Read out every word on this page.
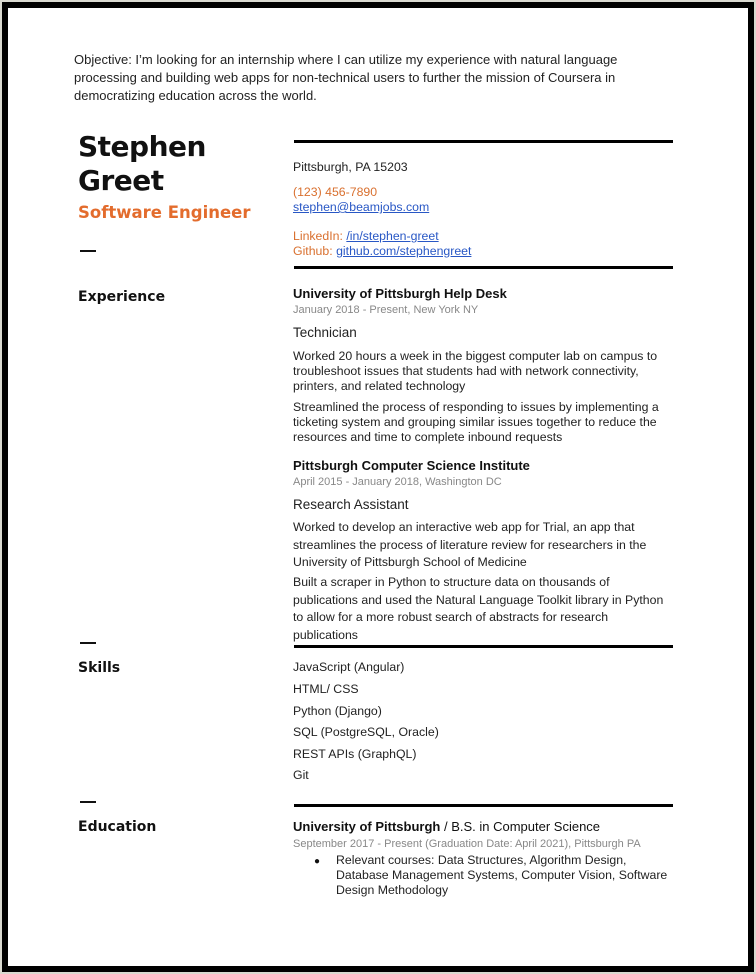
Objective: I’m looking for an internship where I can utilize my experience with natural language processing and building web apps for non-technical users to further the mission of Coursera in democratizing education across the world.
Stephen
Greet
Software Engineer
Pittsburgh, PA 15203
(123) 456-7890
stephen@beamjobs.com
LinkedIn: /in/stephen-greet
Github: github.com/stephengreet
Experience	University of Pittsburgh Help Desk
January 2018 - Present, New York NY
Technician
Worked 20 hours a week in the biggest computer lab on campus to troubleshoot issues that students had with network connectivity, printers, and related technology
Streamlined the process of responding to issues by implementing a ticketing system and grouping similar issues together to reduce the resources and time to complete inbound requests
Pittsburgh Computer Science Institute
April 2015 - January 2018, Washington DC
Research Assistant
Worked to develop an interactive web app for Trial, an app that streamlines the process of literature review for researchers in the University of Pittsburgh School of Medicine
Built a scraper in Python to structure data on thousands of publications and used the Natural Language Toolkit library in Python to allow for a more robust search of abstracts for research publications
Skills	JavaScript (Angular)
HTML/ CSS
Python (Django)
SQL (PostgreSQL, Oracle)
REST APIs (GraphQL)
Git
Education	University of Pittsburgh / B.S. in Computer Science
September 2017 - Present (Graduation Date: April 2021), Pittsburgh PA
● Relevant courses: Data Structures, Algorithm Design, Database Management Systems, Computer Vision, Software Design Methodology
